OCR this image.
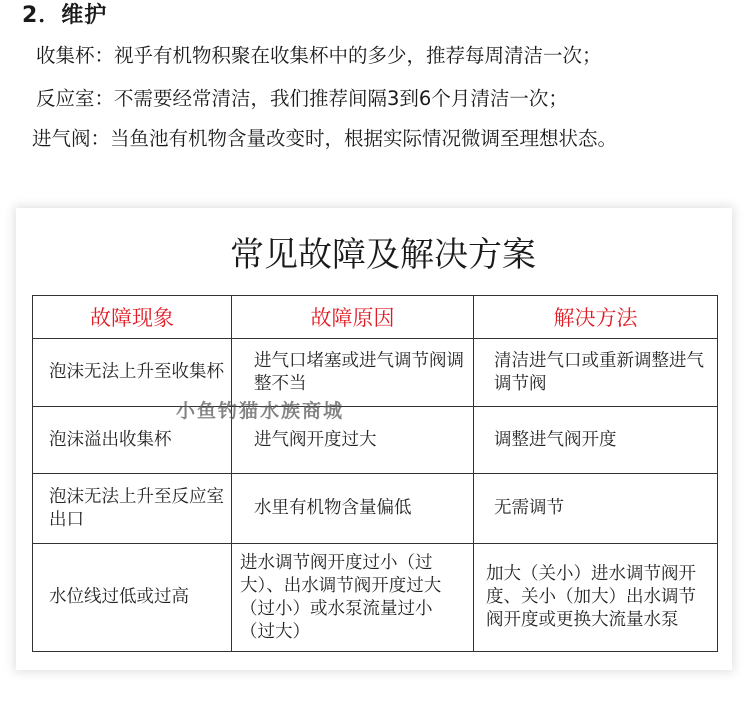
2．维护
收集杯：视乎有机物积聚在收集杯中的多少，推荐每周清洁一次；
反应室：不需要经常清洁，我们推荐间隔3到6个月清洁一次；
进气阀：当鱼池有机物含量改变时，根据实际情况微调至理想状态。
常见故障及解决方案
故障现象	故障原因	解决方法
泡沫无法上升至收集杯	进气口堵塞或进气调节阀调整不当	清洁进气口或重新调整进气调节阀
泡沫溢出收集杯	进气阀开度过大	调整进气阀开度
泡沫无法上升至反应室出口	水里有机物含量偏低	无需调节
水位线过低或过高	进水调节阀开度过小（过大）、出水调节阀开度过大（过小）或水泵流量过小（过大）	加大（关小）进水调节阀开度、关小（加大）出水调节阀开度或更换大流量水泵
小鱼钓猫水族商城
